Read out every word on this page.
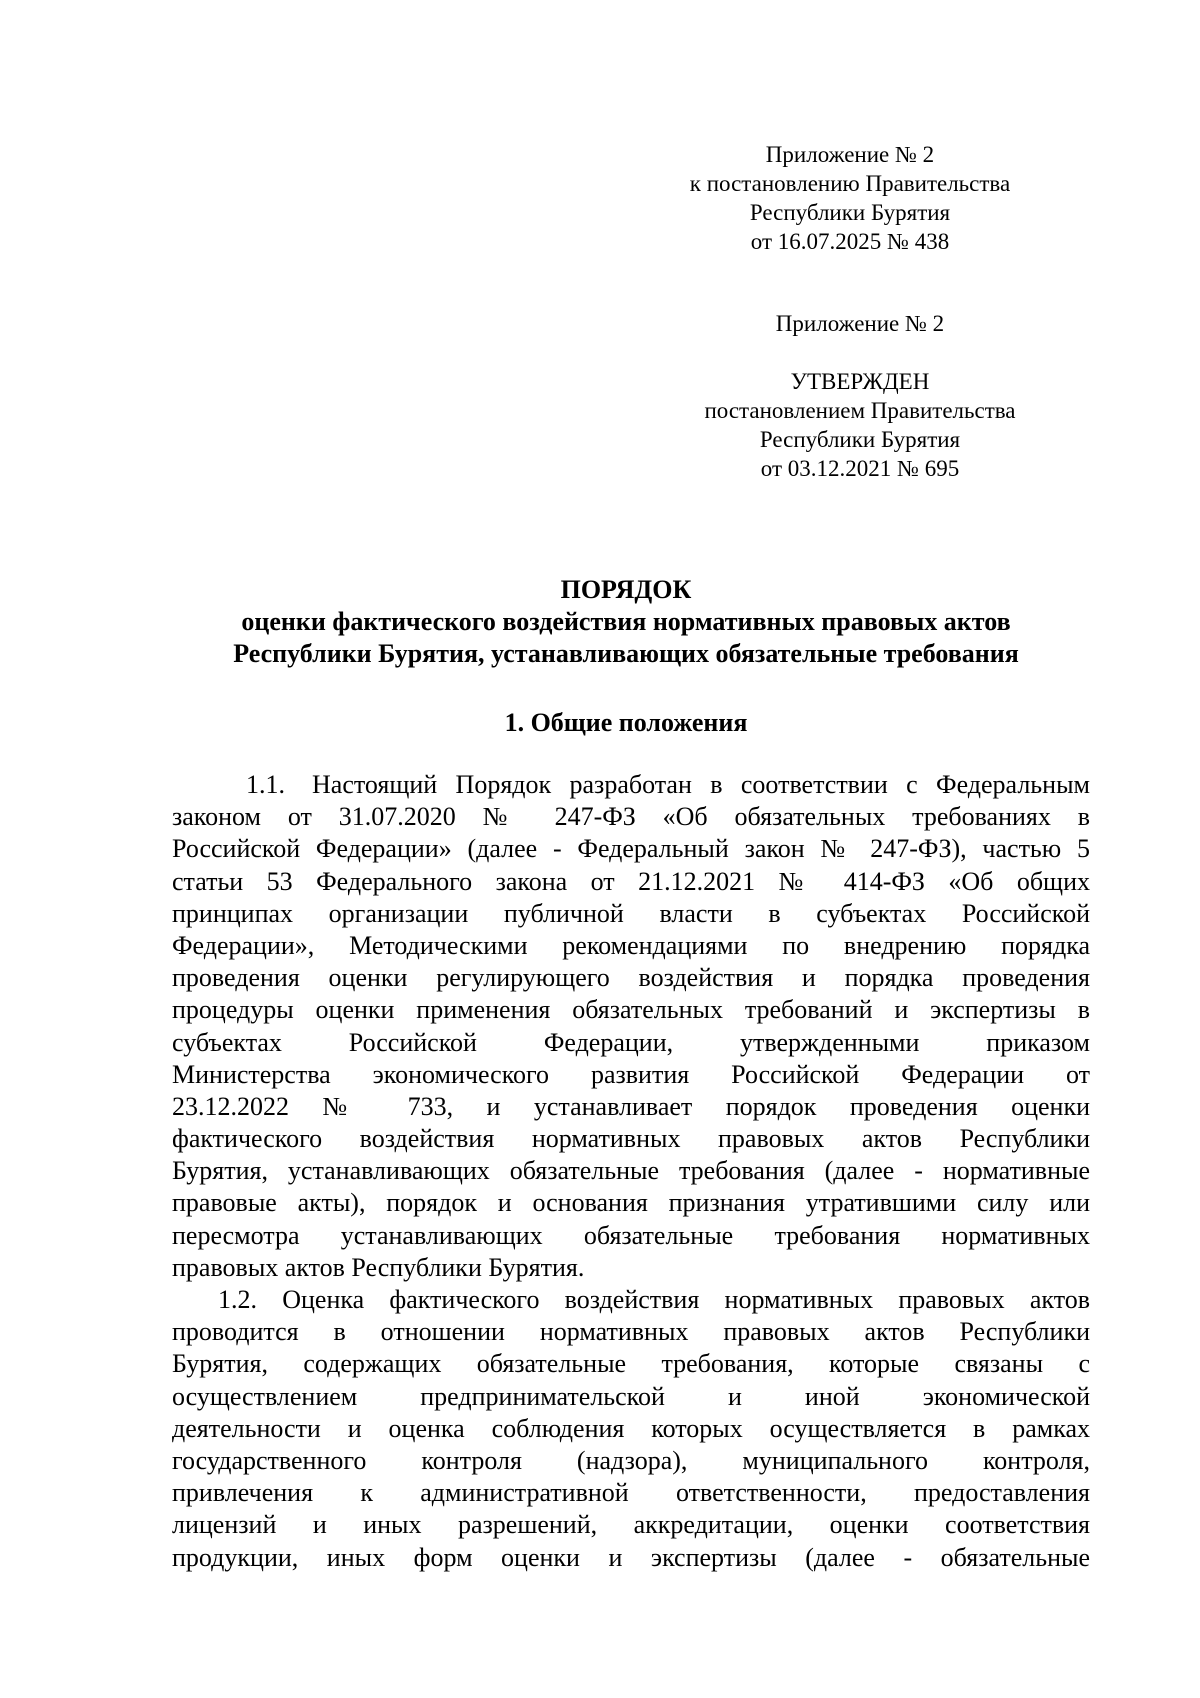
Приложение № 2
к постановлению Правительства
Республики Бурятия
от 16.07.2025 № 438
Приложение № 2
УТВЕРЖДЕН
постановлением Правительства
Республики Бурятия
от 03.12.2021 № 695
ПОРЯДОК
оценки фактического воздействия нормативных правовых актов
Республики Бурятия, устанавливающих обязательные требования
1. Общие положения
1.1. Настоящий Порядок разработан в соответствии с Федеральным
законом от 31.07.2020 № 247-ФЗ «Об обязательных требованиях в
Российской Федерации» (далее - Федеральный закон № 247-ФЗ), частью 5
статьи 53 Федерального закона от 21.12.2021 № 414-ФЗ «Об общих
принципах организации публичной власти в субъектах Российской
Федерации», Методическими рекомендациями по внедрению порядка
проведения оценки регулирующего воздействия и порядка проведения
процедуры оценки применения обязательных требований и экспертизы в
субъектах Российской Федерации, утвержденными приказом
Министерства экономического развития Российской Федерации от
23.12.2022 № 733, и устанавливает порядок проведения оценки
фактического воздействия нормативных правовых актов Республики
Бурятия, устанавливающих обязательные требования (далее - нормативные
правовые акты), порядок и основания признания утратившими силу или
пересмотра устанавливающих обязательные требования нормативных
правовых актов Республики Бурятия.
1.2. Оценка фактического воздействия нормативных правовых актов
проводится в отношении нормативных правовых актов Республики
Бурятия, содержащих обязательные требования, которые связаны с
осуществлением предпринимательской и иной экономической
деятельности и оценка соблюдения которых осуществляется в рамках
государственного контроля (надзора), муниципального контроля,
привлечения к административной ответственности, предоставления
лицензий и иных разрешений, аккредитации, оценки соответствия
продукции, иных форм оценки и экспертизы (далее - обязательные
